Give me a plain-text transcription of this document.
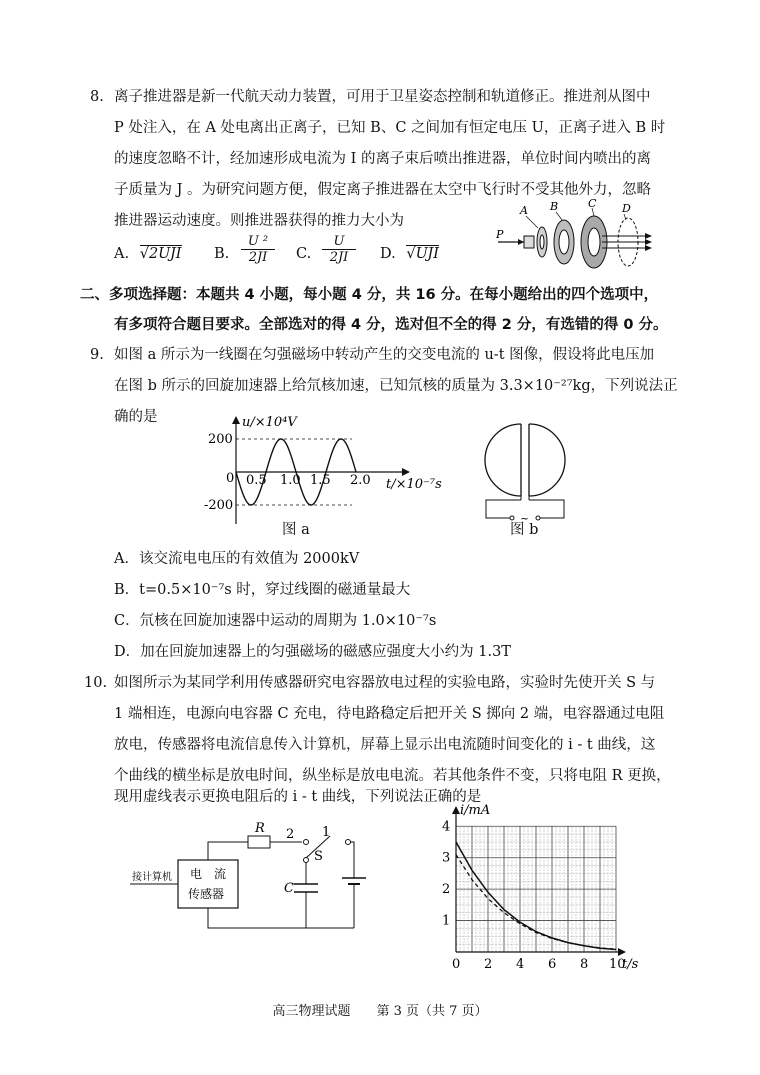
8. 离子推进器是新一代航天动力装置，可用于卫星姿态控制和轨道修正。推进剂从图中
P 处注入，在 A 处电离出正离子，已知 B、C 之间加有恒定电压 U，正离子进入 B 时
的速度忽略不计，经加速形成电流为 I 的离子束后喷出推进器，单位时间内喷出的离
子质量为 J 。为研究问题方便，假定离子推进器在太空中飞行时不受其他外力，忽略
推进器运动速度。则推进器获得的推力大小为
A. √2UJI B. $\frac{\text{U ²}}{2JI} C$. $\frac{U}{2JI} D$. √UJI
A B	C D
P
二、多项选择题：本题共 4 小题，每小题 4 分，共 16 分。在每小题给出的四个选项中，
有多项符合题目要求。全部选对的得 4 分，选对但不全的得 2 分，有选错的得 0 分。
9. 如图 a 所示为一线圈在匀强磁场中转动产生的交变电流的 u-t 图像，假设将此电压加
在图 b 所示的回旋加速器上给氘核加速，已知氘核的质量为 3.3×10⁻²⁷kg，下列说法正
确的是
200
-200
0 0.5 1.0 1.5 2.0
u/×10⁴V
t/×10⁻⁷s
图 a
~
图 b
A．该交流电电压的有效值为 2000kV
B．t=0.5×10⁻⁷s 时，穿过线圈的磁通量最大
C．氘核在回旋加速器中运动的周期为 1.0×10⁻⁷s
D．加在回旋加速器上的匀强磁场的磁感应强度大小约为 1.3T
10. 如图所示为某同学利用传感器研究电容器放电过程的实验电路，实验时先使开关 S 与
1 端相连，电源向电容器 C 充电，待电路稳定后把开关 S 掷向 2 端，电容器通过电阻
放电，传感器将电流信息传入计算机，屏幕上显示出电流随时间变化的 i - t 曲线，这
个曲线的横坐标是放电时间，纵坐标是放电电流。若其他条件不变，只将电阻 R 更换，
现用虚线表示更换电阻后的 i - t 曲线，下列说法正确的是
电　流
传感器
接计算机
R 2 1
S
C
1
2
3
4
0 2 4 6 8 10
i/mA
t/s
高三物理试题　　第 3 页（共 7 页）
